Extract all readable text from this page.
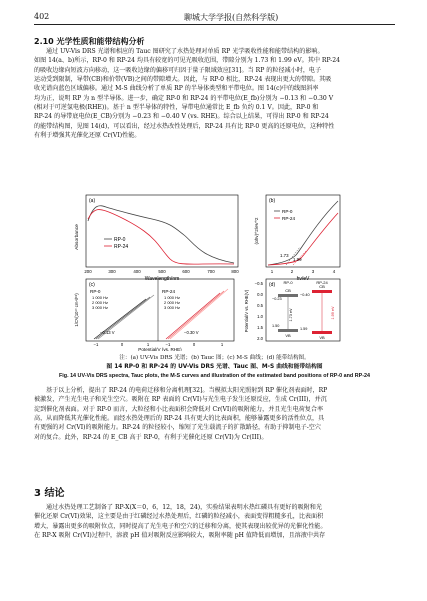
402	聊城大学学报(自然科学版)
2.10 光学性质和能带结构分析
通过 UV-Vis DRS 光谱和相应的 Tauc 图研究了水热处理对单质 RP 光学吸收性能和能带结构的影响。
如图 14(a、b)所示，RP-0 和 RP-24 均具有较宽的可见光吸收范围，带隙分别为 1.73 和 1.99 eV。其中 RP-24
的吸收边缘向短波方向移动，这一吸收边缘的偏移可归因于量子限域效应[31]。当 RP 的粒径减小时，电子
运动受到限制，导带(CB)和价带(VB)之间的带隙增大。因此，与 RP-0 相比，RP-24 表现出更大的带隙。其吸
收光谱向蓝色区域偏移。通过 M-S 曲线分析了单质 RP 的半导体类型和平带电位。图 14(c)中的线图斜率
均为正，说明 RP 为 n 型半导体。进一步，确定 RP-0 和 RP-24 的平带电位(E_fb)分别为 −0.13 和 −0.30 V
(相对于可逆氢电极(RHE))。基于 n 型半导体的特性，导带电位通常比 E_fb 负约 0.1 V。因此，RP-0 和
RP-24 的导带底电位(E_CB)分别为 −0.23 和 −0.40 V (vs. RHE)。综合以上结果，可得出 RP-0 和 RP-24
的能带结构图，见图 14(d)，可以看出，经过水热改性处理后，RP-24 具有比 RP-0 更高的还原电位，这种特性
有利于增强其光催化还原 Cr(VI)性能。
(a)
RP-0
RP-24
Absorbance
200	300	400	500	600	700	800
Wavelength/nm
(b)
1.73
1.99
RP-0
RP-24
(αhv)^2/eV^2
1	2	3	4
hv/eV
(c)
RP-0
1 000 Hz
2 000 Hz
3 000 Hz
−0.13 V
RP-24
1 000 Hz
2 000 Hz
3 000 Hz
−0.30 V
1/C²/(10¹⁰ cm⁴/F²)
−1	0	1	−1	0	1
Potential/V (vs. RHE)
(d)
−0.5
0.0
0.5
1.0
1.5
2.0
Potential/V vs. RHE(V)	CB
VB
−0.23
1.50
1.73 eV
RP-0
CB
VB
−0.40
1.59
1.99 eV
RP-24
注：(a) UV-Vis DRS 光谱；(b) Tauc 图；(c) M-S 曲线；(d) 能带结构图。
图 14 RP-0 和 RP-24 的 UV-Vis DRS 光谱、Tauc 图、M-S 曲线和能带结构图
Fig. 14 UV-Vis DRS spectra, Tauc plots, the M-S curves and illustration of the estimated band positions of RP-0 and RP-24
基于以上分析，提出了 RP-24 的电荷迁移和分离机理[32]。当模拟太阳光照射到 RP 催化剂表面时，RP
被激发，产生光生电子和光生空穴。吸附在 RP 表面的 Cr(VI)与光生电子发生还原反应，生成 Cr(III)，并沉
淀到催化剂表面。对于 RP-0 而言，大粒径和小比表面积会降低对 Cr(VI)的吸附能力，并且光生电荷复合率
高，从而降低其光催化性能。而经水热处理后的 RP-24 具有更大的比表面积，能够暴露更多的活性位点，具
有更强的对 Cr(VI)的吸附能力。RP-24 的粒径较小，缩短了光生载流子的扩散路径，有助于抑制电子-空穴
对的复合。此外，RP-24 的 E_CB 高于 RP-0，有利于光催化还原 Cr(VI)为 Cr(III)。
3 结论
通过水热处理工艺制备了 RP-X(X＝0，6，12，18，24)，实验结果表明水热红磷具有更好的吸附和光
催化还原 Cr(VI)效果，这主要是由于红磷经过水热处理后，红磷的粒径减小，表面变得粗糙多孔，比表面积
增大，暴露出更多的吸附位点，同时提高了光生电子和空穴的迁移和分离，使其表现出较优异的光催化性能。
在 RP-X 吸附 Cr(VI)过程中，溶液 pH 值对吸附反应影响较大，吸附率随 pH 值降低而增加，且溶液中共存
